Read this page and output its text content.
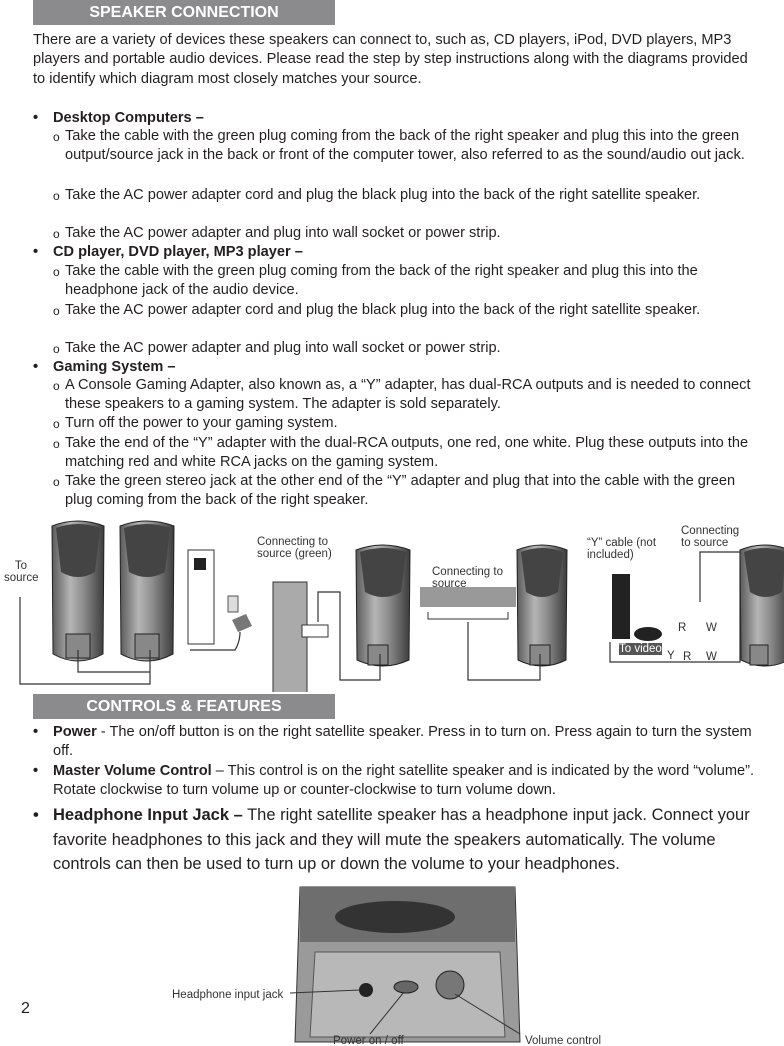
SPEAKER CONNECTION
There are a variety of devices these speakers can connect to, such as, CD players, iPod, DVD players, MP3 players and portable audio devices. Please read the step by step instructions along with the diagrams provided to identify which diagram most closely matches your source.
• Desktop Computers –
o Take the cable with the green plug coming from the back of the right speaker and plug this into the green output/source jack in the back or front of the computer tower, also referred to as the sound/audio out jack.
o Take the AC power adapter cord and plug the black plug into the back of the right satellite speaker.
o Take the AC power adapter and plug into wall socket or power strip.
• CD player, DVD player, MP3 player –
o Take the cable with the green plug coming from the back of the right speaker and plug this into the headphone jack of the audio device.
o Take the AC power adapter cord and plug the black plug into the back of the right satellite speaker.
o Take the AC power adapter and plug into wall socket or power strip.
• Gaming System –
o A Console Gaming Adapter, also known as, a “Y” adapter, has dual-RCA outputs and is needed to connect these speakers to a gaming system. The adapter is sold separately.
o Turn off the power to your gaming system.
o Take the end of the “Y” adapter with the dual-RCA outputs, one red, one white. Plug these outputs into the matching red and white RCA jacks on the gaming system.
o Take the green stereo jack at the other end of the “Y” adapter and plug that into the cable with the green plug coming from the back of the right speaker.
To source
Connecting to source (green)
Connecting to source
“Y” cable (not included)
Connecting to source
To video
R W
Y R W
CONTROLS & FEATURES
• Power - The on/off button is on the right satellite speaker. Press in to turn on. Press again to turn the system off.
• Master Volume Control – This control is on the right satellite speaker and is indicated by the word “volume”. Rotate clockwise to turn volume up or counter-clockwise to turn volume down.
• Headphone Input Jack – The right satellite speaker has a headphone input jack. Connect your favorite headphones to this jack and they will mute the speakers automatically. The volume controls can then be used to turn up or down the volume to your headphones.
Headphone input jack
Power on / off	Volume control
2
